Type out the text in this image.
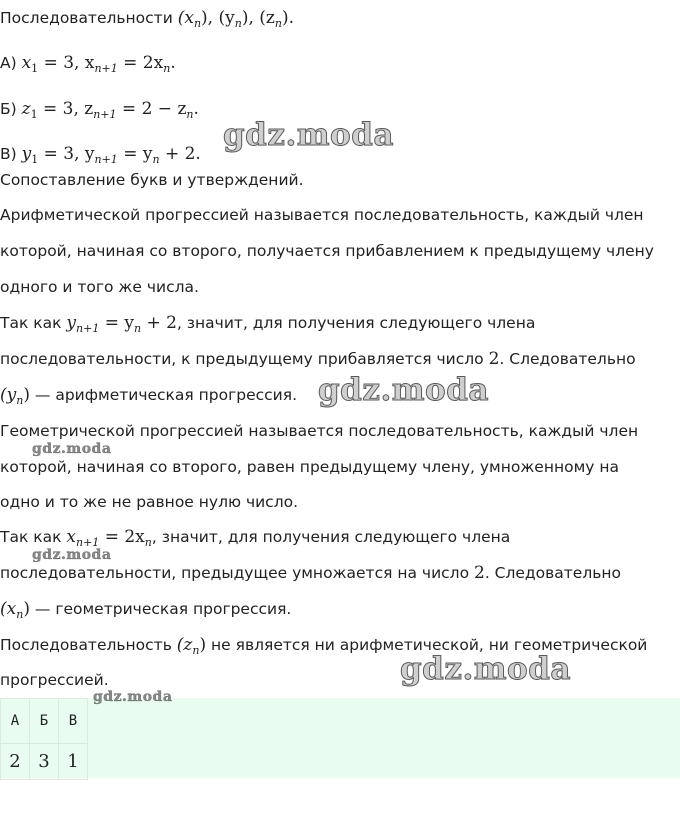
Последовательности $(x_n)$, $(y_n)$, $(z_n)$.

А) $x_1 = 3$, $x_{n+1} = 2x_n$.

Б) $z_1 = 3$, $z_{n+1} = 2 - z_n$.

В) $y_1 = 3$, $y_{n+1} = y_n + 2$.

Сопоставление букв и утверждений.

Арифметической прогрессией называется последовательность, каждый член

которой, начиная со второго, получается прибавлением к предыдущему члену

одного и того же числа.

Так как $y_{n+1} = y_n + 2$, значит, для получения следующего члена

последовательности, к предыдущему прибавляется число 2. Следовательно

$(y_n)$ — арифметическая прогрессия.

Геометрической прогрессией называется последовательность, каждый член

которой, начиная со второго, равен предыдущему члену, умноженному на

одно и то же не равное нулю число.

Так как $x_{n+1} = 2x_n$, значит, для получения следующего члена

последовательности, предыдущее умножается на число 2. Следовательно

$(x_n)$ — геометрическая прогрессия.

Последовательность $(z_n)$ не является ни арифметической, ни геометрической

прогрессией.

А	Б	В
2	3	1
gdz.moda
gdz.moda
gdz.moda
gdz.moda
gdz.moda
gdz.moda
